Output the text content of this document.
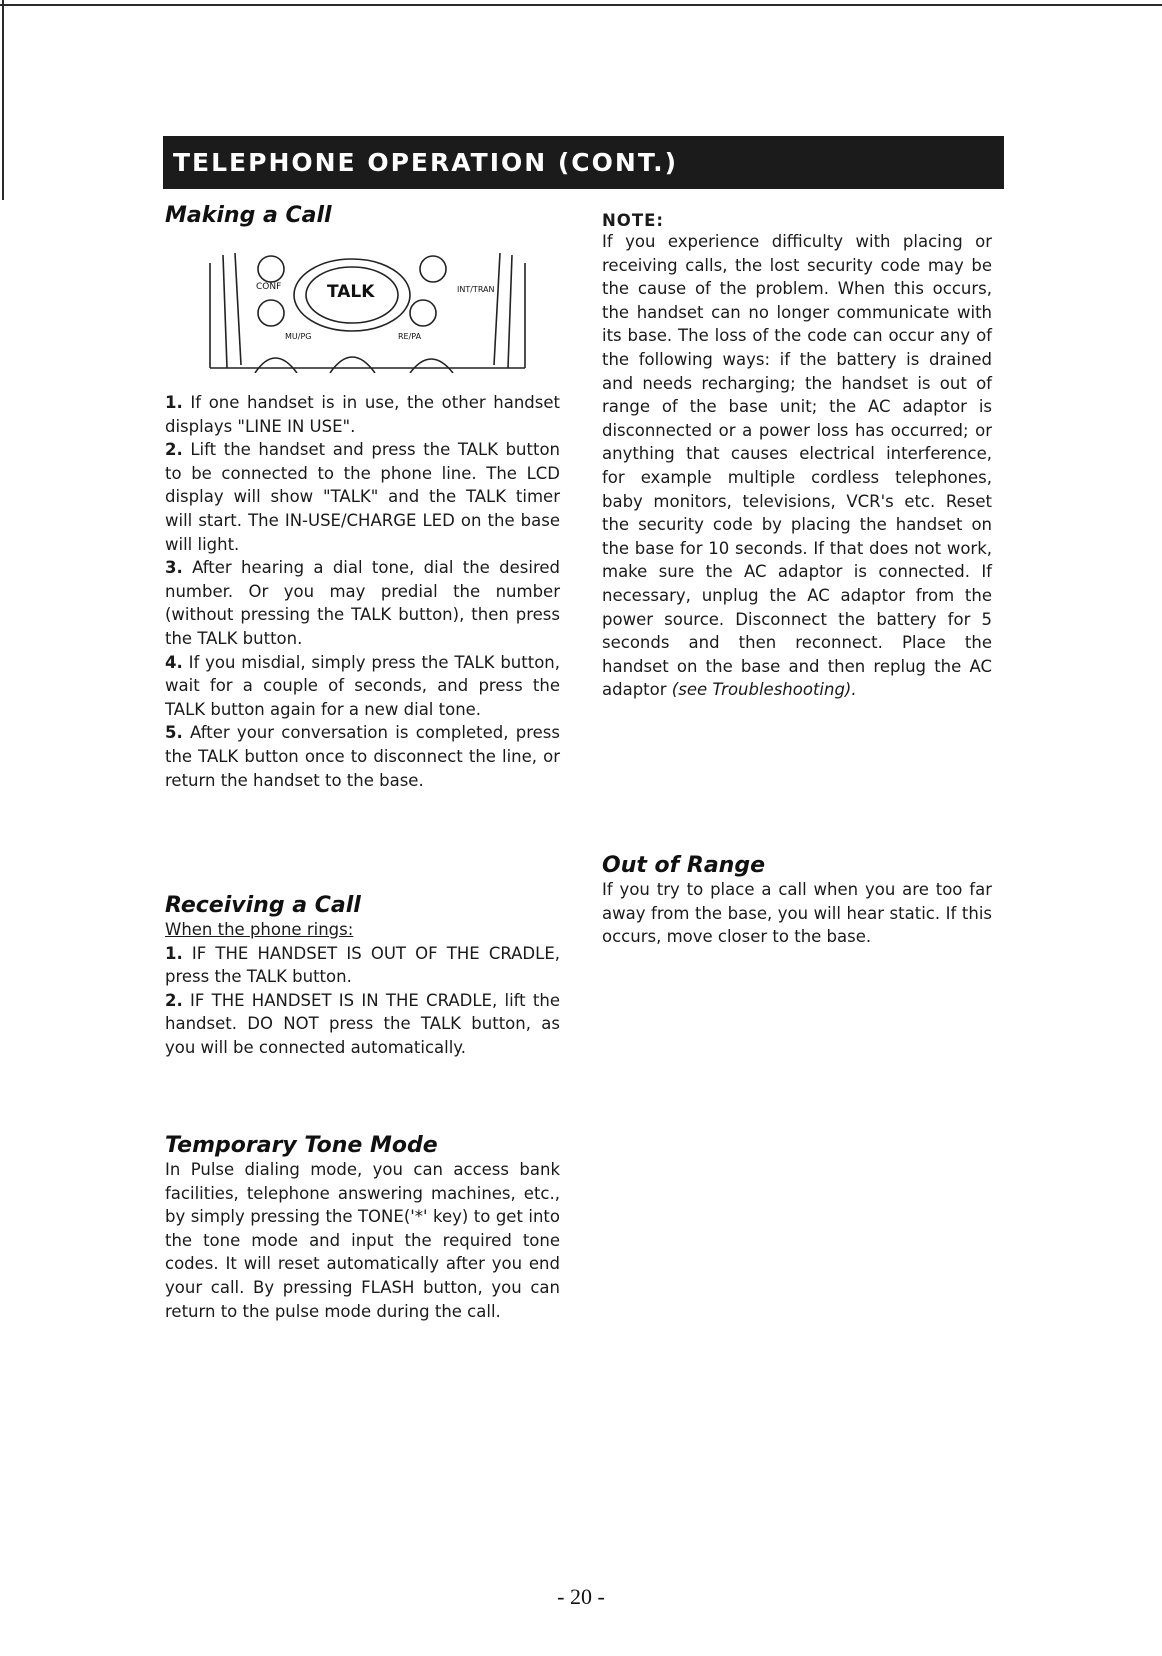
TELEPHONE OPERATION (CONT.)
Making a Call
TALK
CONF	INT/TRAN
MU/PG	RE/PA

1. If one handset is in use, the other handset displays "LINE IN USE".

2. Lift the handset and press the TALK button to be connected to the phone line. The LCD display will show "TALK" and the TALK timer will start. The IN-USE/CHARGE LED on the base will light.

3. After hearing a dial tone, dial the desired number. Or you may predial the number (without pressing the TALK button), then press the TALK button.

4. If you misdial, simply press the TALK button, wait for a couple of seconds, and press the TALK button again for a new dial tone.

5. After your conversation is completed, press the TALK button once to disconnect the line, or return the handset to the base.

Receiving a Call

When the phone rings:

1. IF THE HANDSET IS OUT OF THE CRADLE, press the TALK button.

2. IF THE HANDSET IS IN THE CRADLE, lift the handset. DO NOT press the TALK button, as you will be connected automatically.

Temporary Tone Mode

In Pulse dialing mode, you can access bank facilities, telephone answering machines, etc., by simply pressing the TONE('*' key) to get into the tone mode and input the required tone codes. It will reset automatically after you end your call. By pressing FLASH button, you can return to the pulse mode during the call.

NOTE:

If you experience difficulty with placing or receiving calls, the lost security code may be the cause of the problem. When this occurs, the handset can no longer communicate with its base. The loss of the code can occur any of the following ways: if the battery is drained and needs recharging; the handset is out of range of the base unit; the AC adaptor is disconnected or a power loss has occurred; or anything that causes electrical interference, for example multiple cordless telephones, baby monitors, televisions, VCR's etc. Reset the security code by placing the handset on the base for 10 seconds. If that does not work, make sure the AC adaptor is connected. If necessary, unplug the AC adaptor from the power source. Disconnect the battery for 5 seconds and then reconnect. Place the handset on the base and then replug the AC adaptor (see Troubleshooting).

Out of Range

If you try to place a call when you are too far away from the base, you will hear static. If this occurs, move closer to the base.

- 20 -
